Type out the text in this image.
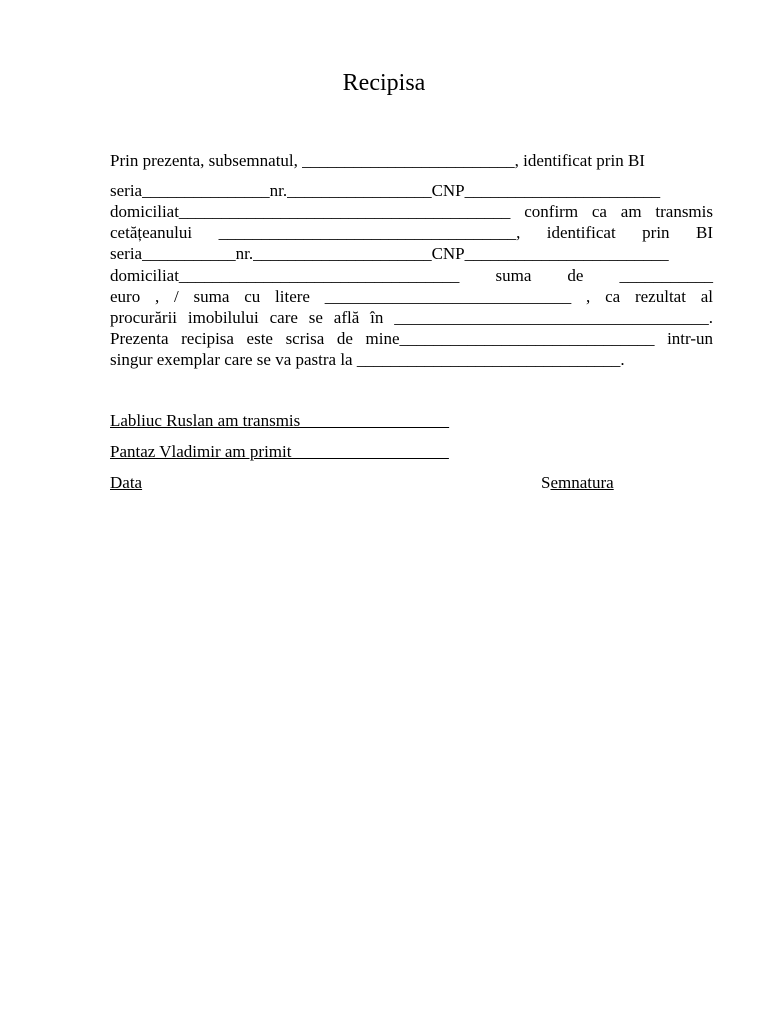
Recipisa
Prin prezenta, subsemnatul, _________________________, identificat prin BI
seria_______________nr._________________CNP_______________________
domiciliat_______________________________________ confirm ca am transmis
cetățeanului ___________________________________, identificat prin BI
seria___________nr._____________________CNP________________________
domiciliat_________________________________ suma de ___________
euro , / suma cu litere _____________________________ , ca rezultat al
procurării imobilului care se află în _____________________________________.
Prezenta recipisa este scrisa de mine______________________________ intr-un
singur exemplar care se va pastra la _______________________________.
Labliuc Ruslan am transmis _________________
Pantaz Vladimir am primit __________________
Data	Semnatura
